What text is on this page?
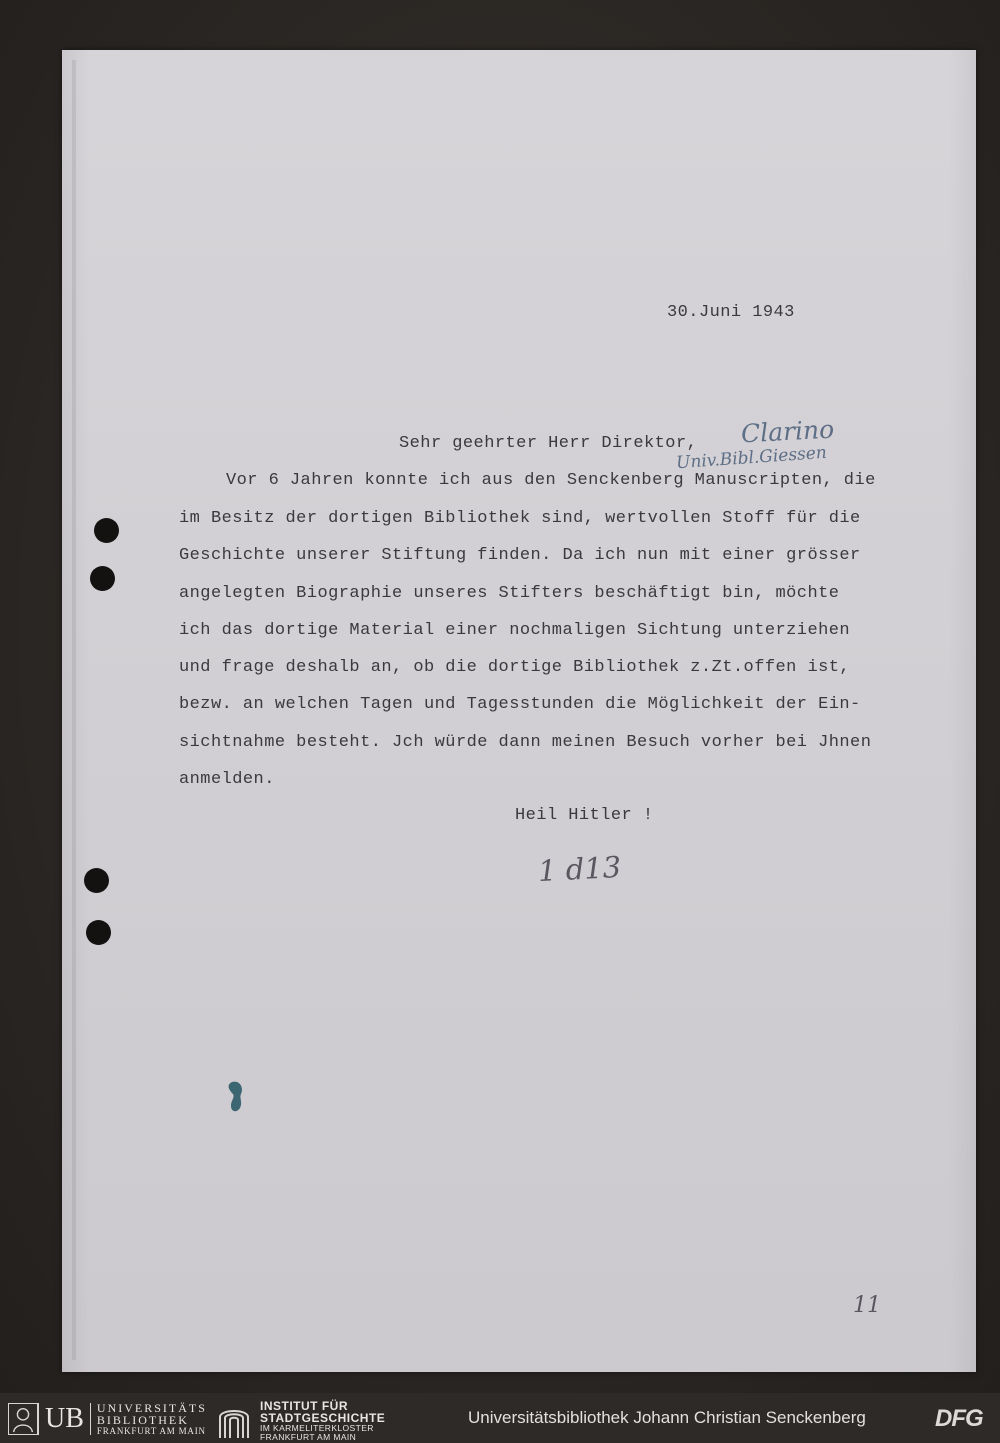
30.Juni 1943
Sehr geehrter Herr Direktor,
Vor 6 Jahren konnte ich aus den Senckenberg Manuscripten, die
im Besitz der dortigen Bibliothek sind, wertvollen Stoff für die
Geschichte unserer Stiftung finden. Da ich nun mit einer grösser
angelegten Biographie unseres Stifters beschäftigt bin, möchte
ich das dortige Material einer nochmaligen Sichtung unterziehen
und frage deshalb an, ob die dortige Bibliothek z.Zt.offen ist,
bezw. an welchen Tagen und Tagesstunden die Möglichkeit der Ein-
sichtnahme besteht. Jch würde dann meinen Besuch vorher bei Jhnen
anmelden.
Heil Hitler !
Clarino
Univ.Bibl.Giessen
1 d13
11
UB	UNIVERSITÄTS
BIBLIOTHEK
FRANKFURT AM MAIN
INSTITUT FÜR
STADTGESCHICHTE
IM KARMELITERKLOSTER
FRANKFURT AM MAIN
Universitätsbibliothek Johann Christian Senckenberg	DFG
